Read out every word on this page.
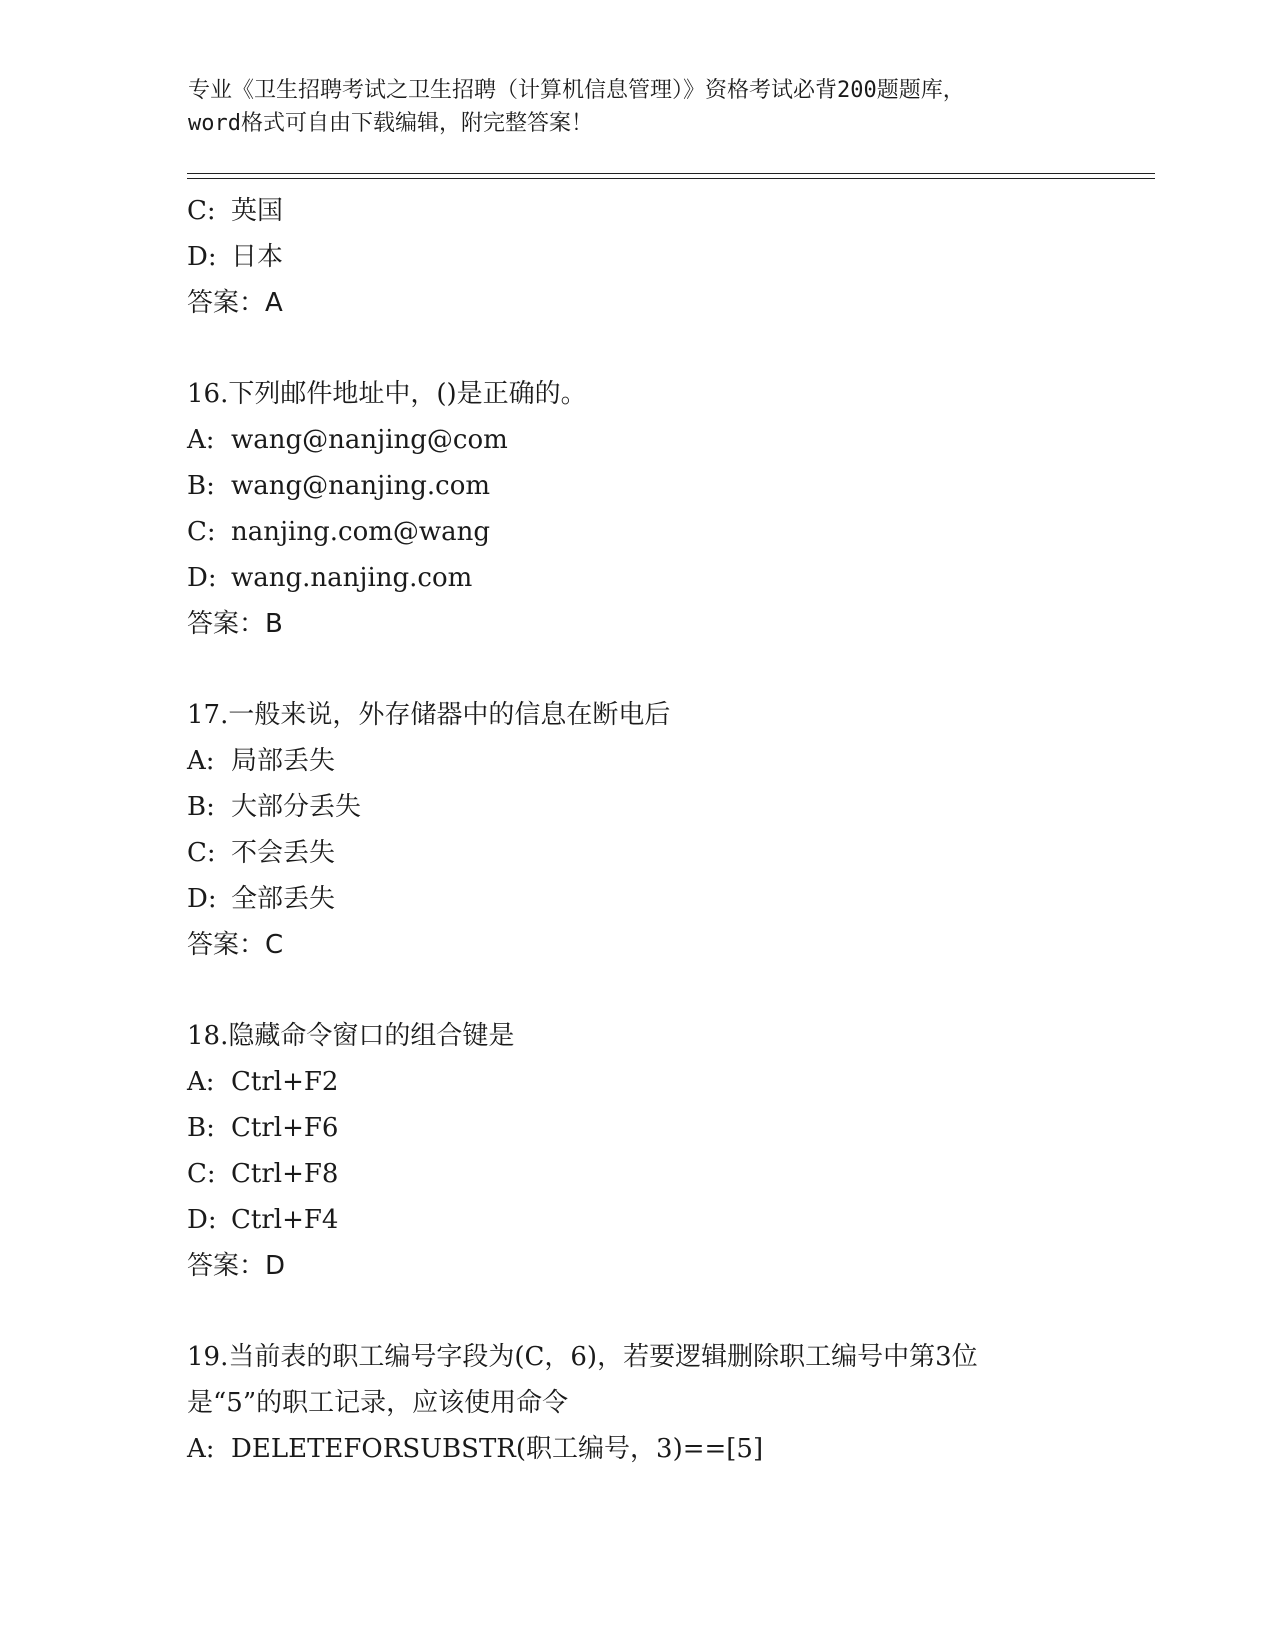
专业《卫生招聘考试之卫生招聘（计算机信息管理）》资格考试必背200题题库，
word格式可自由下载编辑，附完整答案！
C: 英国
D: 日本
答案：A
16.下列邮件地址中，()是正确的。
A: wang@nanjing@com
B: wang@nanjing.com
C: nanjing.com@wang
D: wang.nanjing.com
答案：B
17.一般来说，外存储器中的信息在断电后
A: 局部丢失
B: 大部分丢失
C: 不会丢失
D: 全部丢失
答案：C
18.隐藏命令窗口的组合键是
A: Ctrl+F2
B: Ctrl+F6
C: Ctrl+F8
D: Ctrl+F4
答案：D
19.当前表的职工编号字段为(C，6)，若要逻辑删除职工编号中第3位
是“5”的职工记录，应该使用命令
A: DELETEFORSUBSTR(职工编号，3)==[5]
